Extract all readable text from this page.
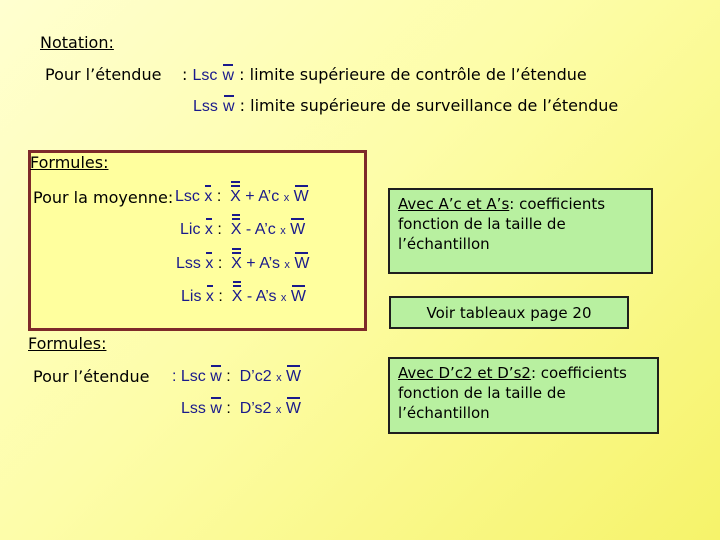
Notation:
Pour l’étendue : Lsc w : limite supérieure de contrôle de l’étendue
Lss w : limite supérieure de surveillance de l’étendue
Formules:
Pour la moyenne: Lsc x : X + A’c x W
Lic x : X - A’c x W
Lss x : X + A’s x W
Lis x : X - A’s x W
Avec A’c et A’s: coefficients
fonction de la taille de
l’échantillon
Voir tableaux page 20
Formules:
Pour l’étendue : Lsc w : D’c2 x W
Lss w : D’s2 x W
Avec D’c2 et D’s2: coefficients
fonction de la taille de
l’échantillon
